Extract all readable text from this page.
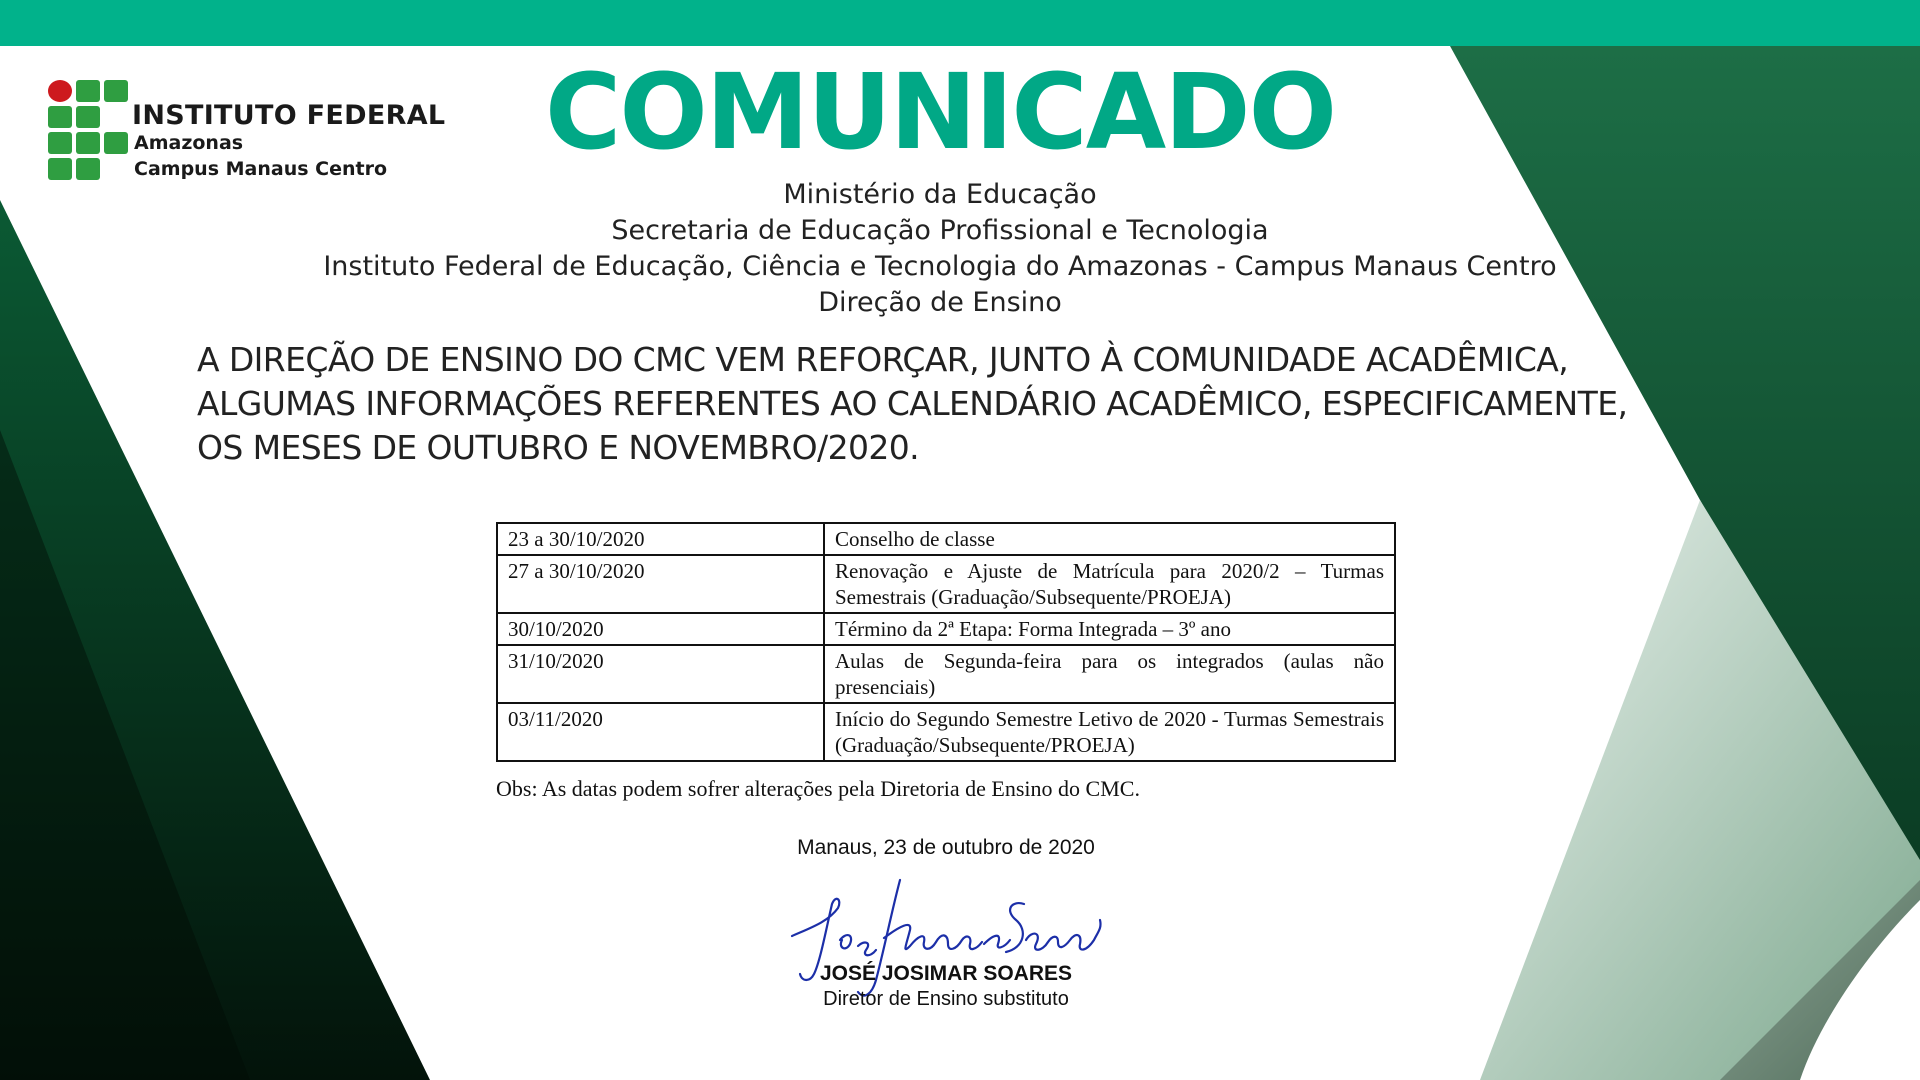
INSTITUTO FEDERAL
Amazonas
Campus Manaus Centro	COMUNICADO
Ministério da Educação
Secretaria de Educação Profissional e Tecnologia
Instituto Federal de Educação, Ciência e Tecnologia do Amazonas - Campus Manaus Centro
Direção de Ensino
A DIREÇÃO DE ENSINO DO CMC VEM REFORÇAR, JUNTO À COMUNIDADE ACADÊMICA,
ALGUMAS INFORMAÇÕES REFERENTES AO CALENDÁRIO ACADÊMICO, ESPECIFICAMENTE,
OS MESES DE OUTUBRO E NOVEMBRO/2020.
23 a 30/10/2020	Conselho de classe
27 a 30/10/2020	Renovação e Ajuste de Matrícula para 2020/2 – Turmas Semestrais (Graduação/Subsequente/PROEJA)
30/10/2020	Término da 2ª Etapa: Forma Integrada – 3º ano
31/10/2020	Aulas de Segunda-feira para os integrados (aulas não presenciais)
03/11/2020	Início do Segundo Semestre Letivo de 2020 - Turmas Semestrais (Graduação/Subsequente/PROEJA)
Obs: As datas podem sofrer alterações pela Diretoria de Ensino do CMC.
Manaus, 23 de outubro de 2020
JOSÉ JOSIMAR SOARES
Diretor de Ensino substituto
